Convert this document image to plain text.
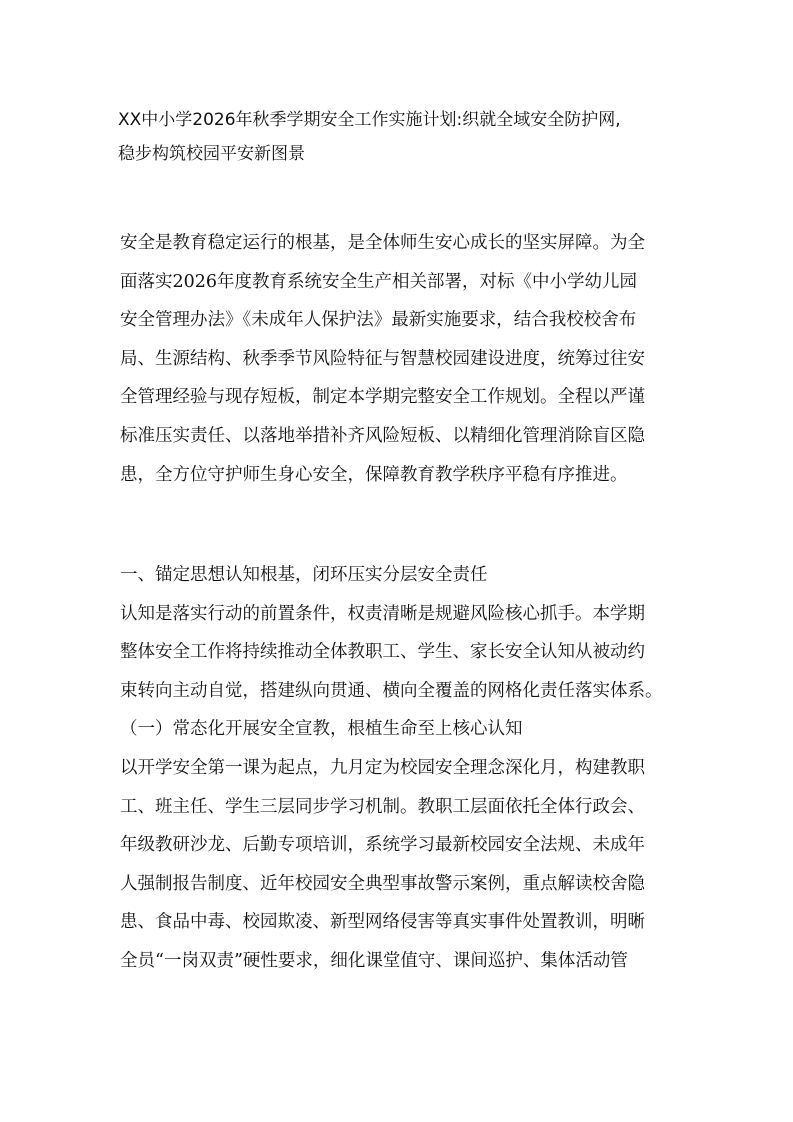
XX中小学2026年秋季学期安全工作实施计划:织就全域安全防护网,
稳步构筑校园平安新图景
安全是教育稳定运行的根基，是全体师生安心成长的坚实屏障。为全
面落实2026年度教育系统安全生产相关部署，对标《中小学幼儿园
安全管理办法》《未成年人保护法》最新实施要求，结合我校校舍布
局、生源结构、秋季季节风险特征与智慧校园建设进度，统筹过往安
全管理经验与现存短板，制定本学期完整安全工作规划。全程以严谨
标准压实责任、以落地举措补齐风险短板、以精细化管理消除盲区隐
患，全方位守护师生身心安全，保障教育教学秩序平稳有序推进。
一、锚定思想认知根基，闭环压实分层安全责任
认知是落实行动的前置条件，权责清晰是规避风险核心抓手。本学期
整体安全工作将持续推动全体教职工、学生、家长安全认知从被动约
束转向主动自觉，搭建纵向贯通、横向全覆盖的网格化责任落实体系。
（一）常态化开展安全宣教，根植生命至上核心认知
以开学安全第一课为起点，九月定为校园安全理念深化月，构建教职
工、班主任、学生三层同步学习机制。教职工层面依托全体行政会、
年级教研沙龙、后勤专项培训，系统学习最新校园安全法规、未成年
人强制报告制度、近年校园安全典型事故警示案例，重点解读校舍隐
患、食品中毒、校园欺凌、新型网络侵害等真实事件处置教训，明晰
全员“一岗双责”硬性要求，细化课堂值守、课间巡护、集体活动管
